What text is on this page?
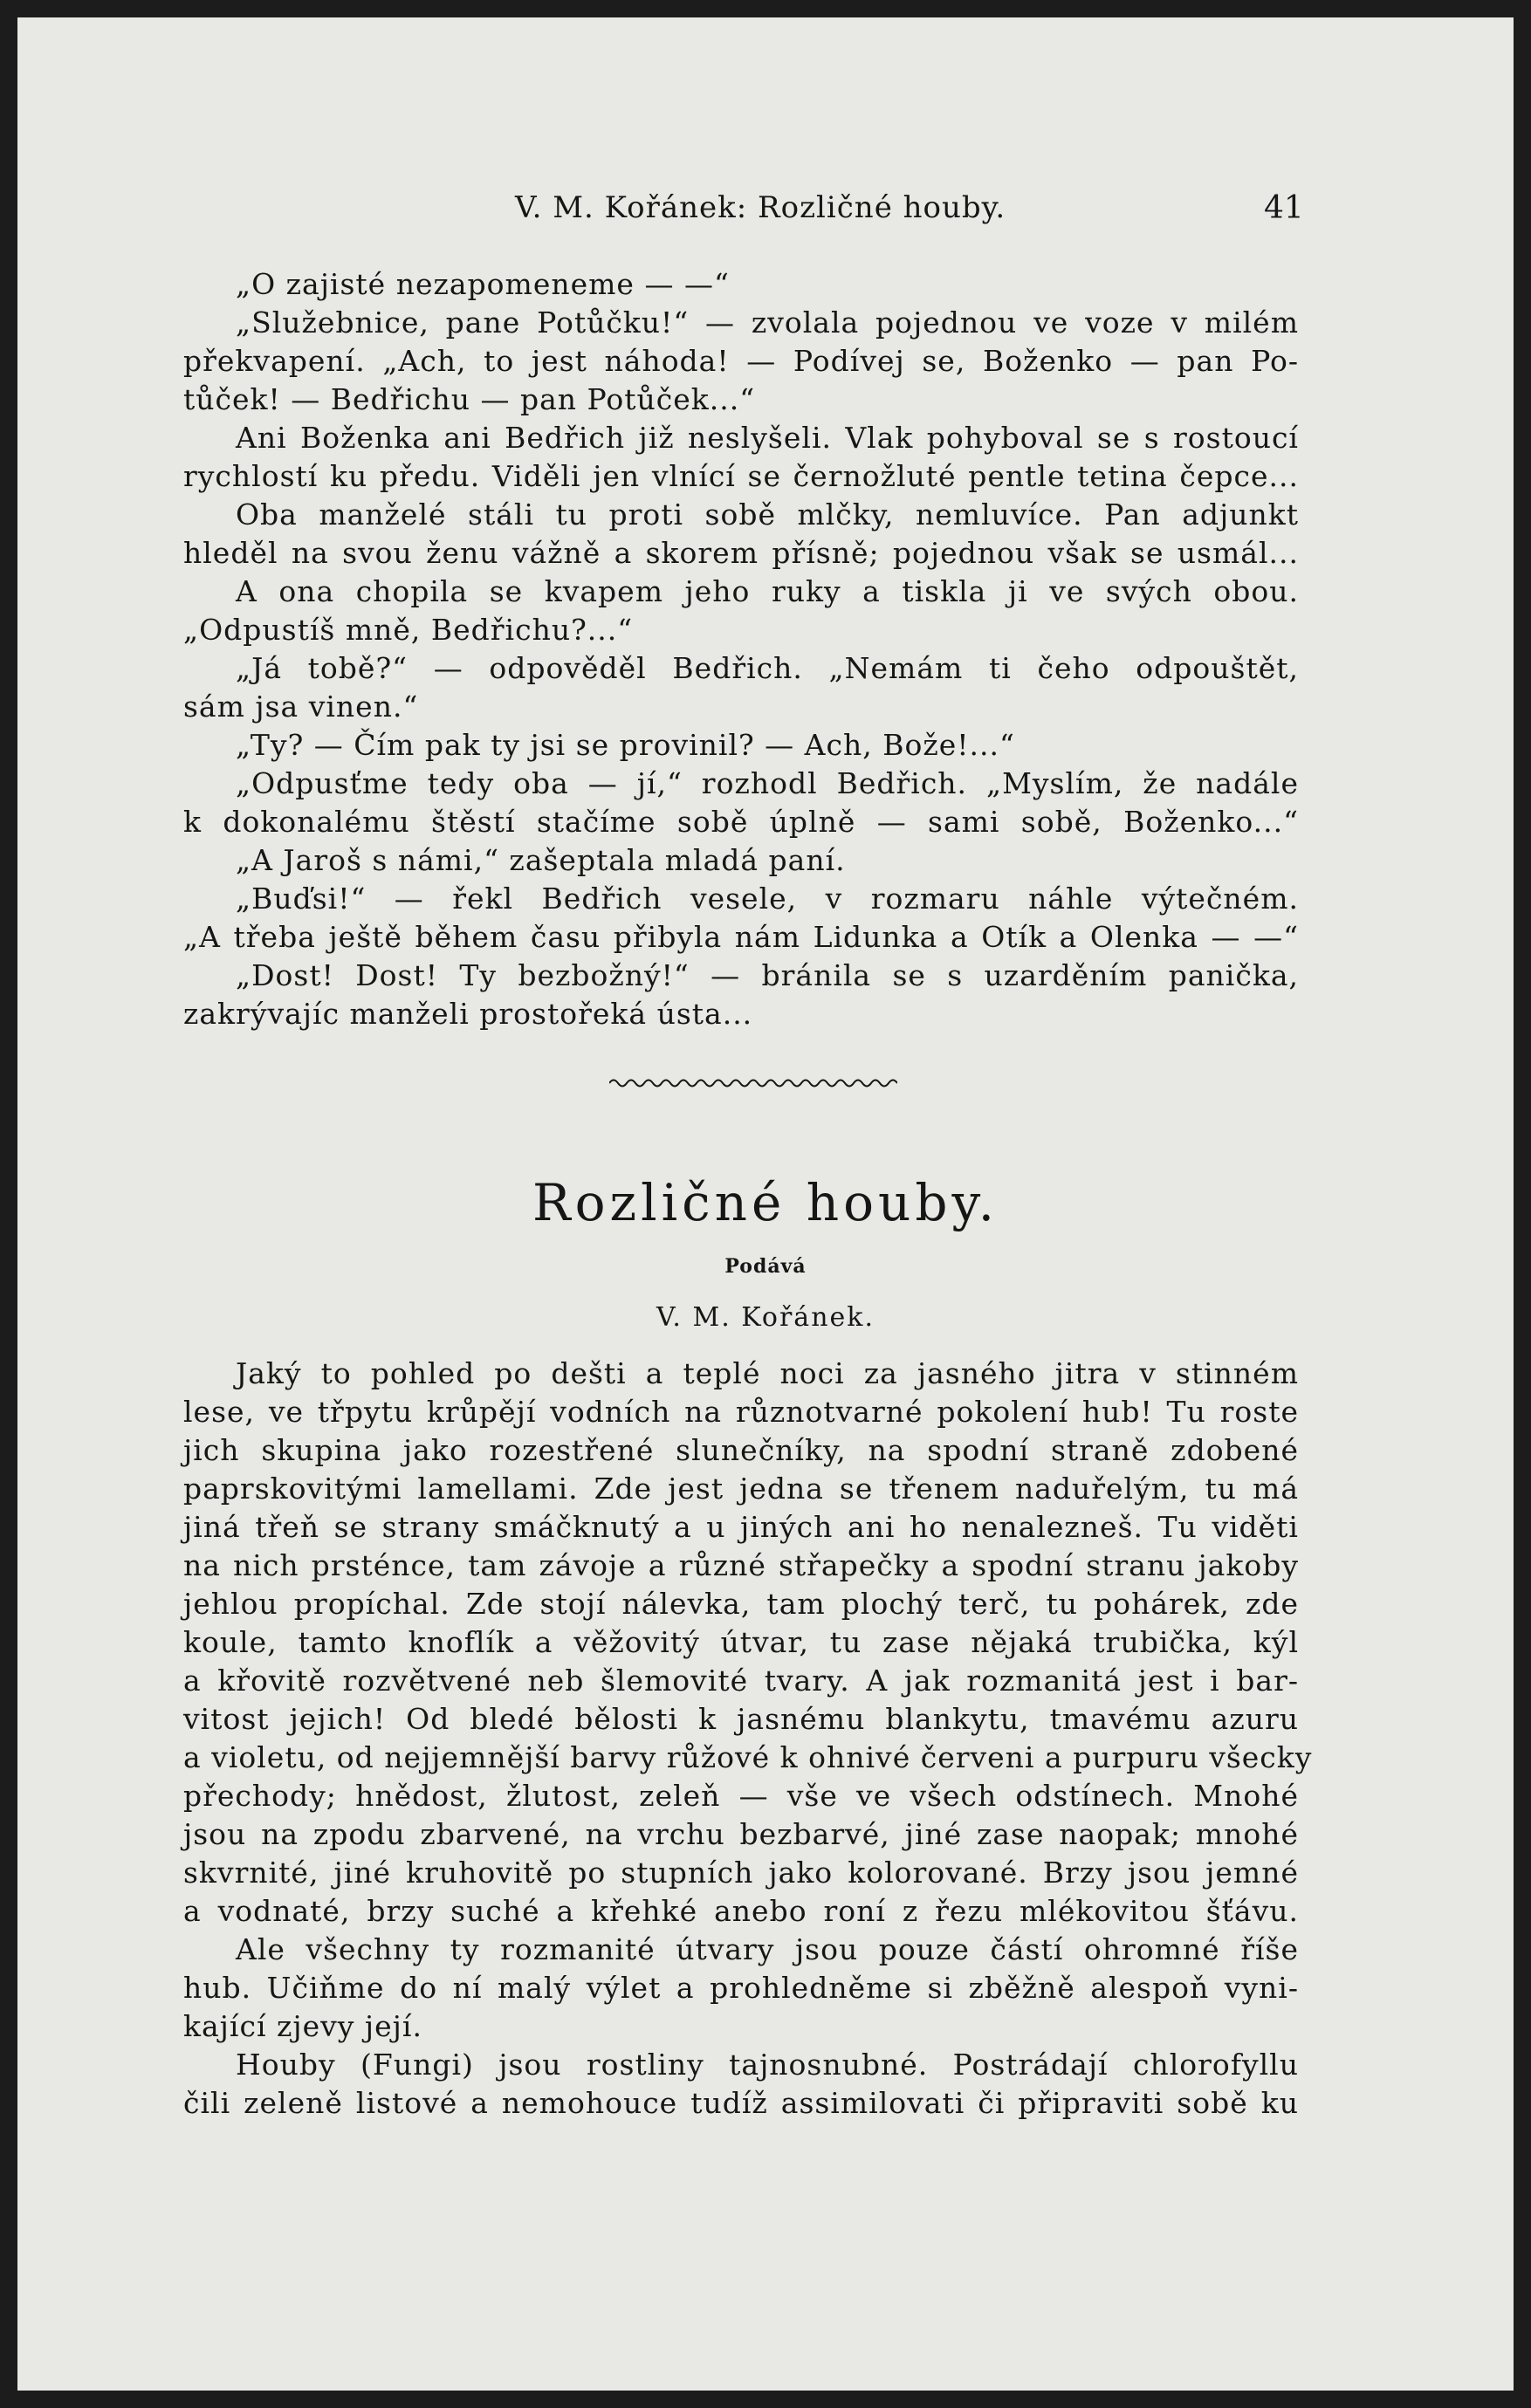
V. M. Kořánek: Rozličné houby.	41
„O zajisté nezapomeneme — —“
„Služebnice, pane Potůčku!“ — zvolala pojednou ve voze v milém
překvapení. „Ach, to jest náhoda! — Podívej se, Boženko — pan Po-
tůček! — Bedřichu — pan Potůček...“
Ani Boženka ani Bedřich již neslyšeli. Vlak pohyboval se s rostoucí
rychlostí ku předu. Viděli jen vlnící se černožluté pentle tetina čepce...
Oba manželé stáli tu proti sobě mlčky, nemluvíce. Pan adjunkt
hleděl na svou ženu vážně a skorem přísně; pojednou však se usmál...
A ona chopila se kvapem jeho ruky a tiskla ji ve svých obou.
„Odpustíš mně, Bedřichu?...“
„Já tobě?“ — odpověděl Bedřich. „Nemám ti čeho odpouštět,
sám jsa vinen.“
„Ty? — Čím pak ty jsi se provinil? — Ach, Bože!...“
„Odpusťme tedy oba — jí,“ rozhodl Bedřich. „Myslím, že nadále
k dokonalému štěstí stačíme sobě úplně — sami sobě, Boženko...“
„A Jaroš s námi,“ zašeptala mladá paní.
„Buďsi!“ — řekl Bedřich vesele, v rozmaru náhle výtečném.
„A třeba ještě během času přibyla nám Lidunka a Otík a Olenka — —“
„Dost! Dost! Ty bezbožný!“ — bránila se s uzarděním panička,
zakrývajíc manželi prostořeká ústa...
Rozličné houby.
Podává
V. M. Kořánek.
Jaký to pohled po dešti a teplé noci za jasného jitra v stinném
lese, ve třpytu krůpějí vodních na různotvarné pokolení hub! Tu roste
jich skupina jako rozestřené slunečníky, na spodní straně zdobené
paprskovitými lamellami. Zde jest jedna se třenem naduřelým, tu má
jiná třeň se strany smáčknutý a u jiných ani ho nenalezneš. Tu viděti
na nich prsténce, tam závoje a různé střapečky a spodní stranu jakoby
jehlou propíchal. Zde stojí nálevka, tam plochý terč, tu pohárek, zde
koule, tamto knoflík a věžovitý útvar, tu zase nějaká trubička, kýl
a křovitě rozvětvené neb šlemovité tvary. A jak rozmanitá jest i bar-
vitost jejich! Od bledé bělosti k jasnému blankytu, tmavému azuru
a violetu, od nejjemnější barvy růžové k ohnivé červeni a purpuru všecky
přechody; hnědost, žlutost, zeleň — vše ve všech odstínech. Mnohé
jsou na zpodu zbarvené, na vrchu bezbarvé, jiné zase naopak; mnohé
skvrnité, jiné kruhovitě po stupních jako kolorované. Brzy jsou jemné
a vodnaté, brzy suché a křehké anebo roní z řezu mlékovitou šťávu.
Ale všechny ty rozmanité útvary jsou pouze částí ohromné říše
hub. Učiňme do ní malý výlet a prohledněme si zběžně alespoň vyni-
kající zjevy její.
Houby (Fungi) jsou rostliny tajnosnubné. Postrádají chlorofyllu
čili zeleně listové a nemohouce tudíž assimilovati či připraviti sobě ku
